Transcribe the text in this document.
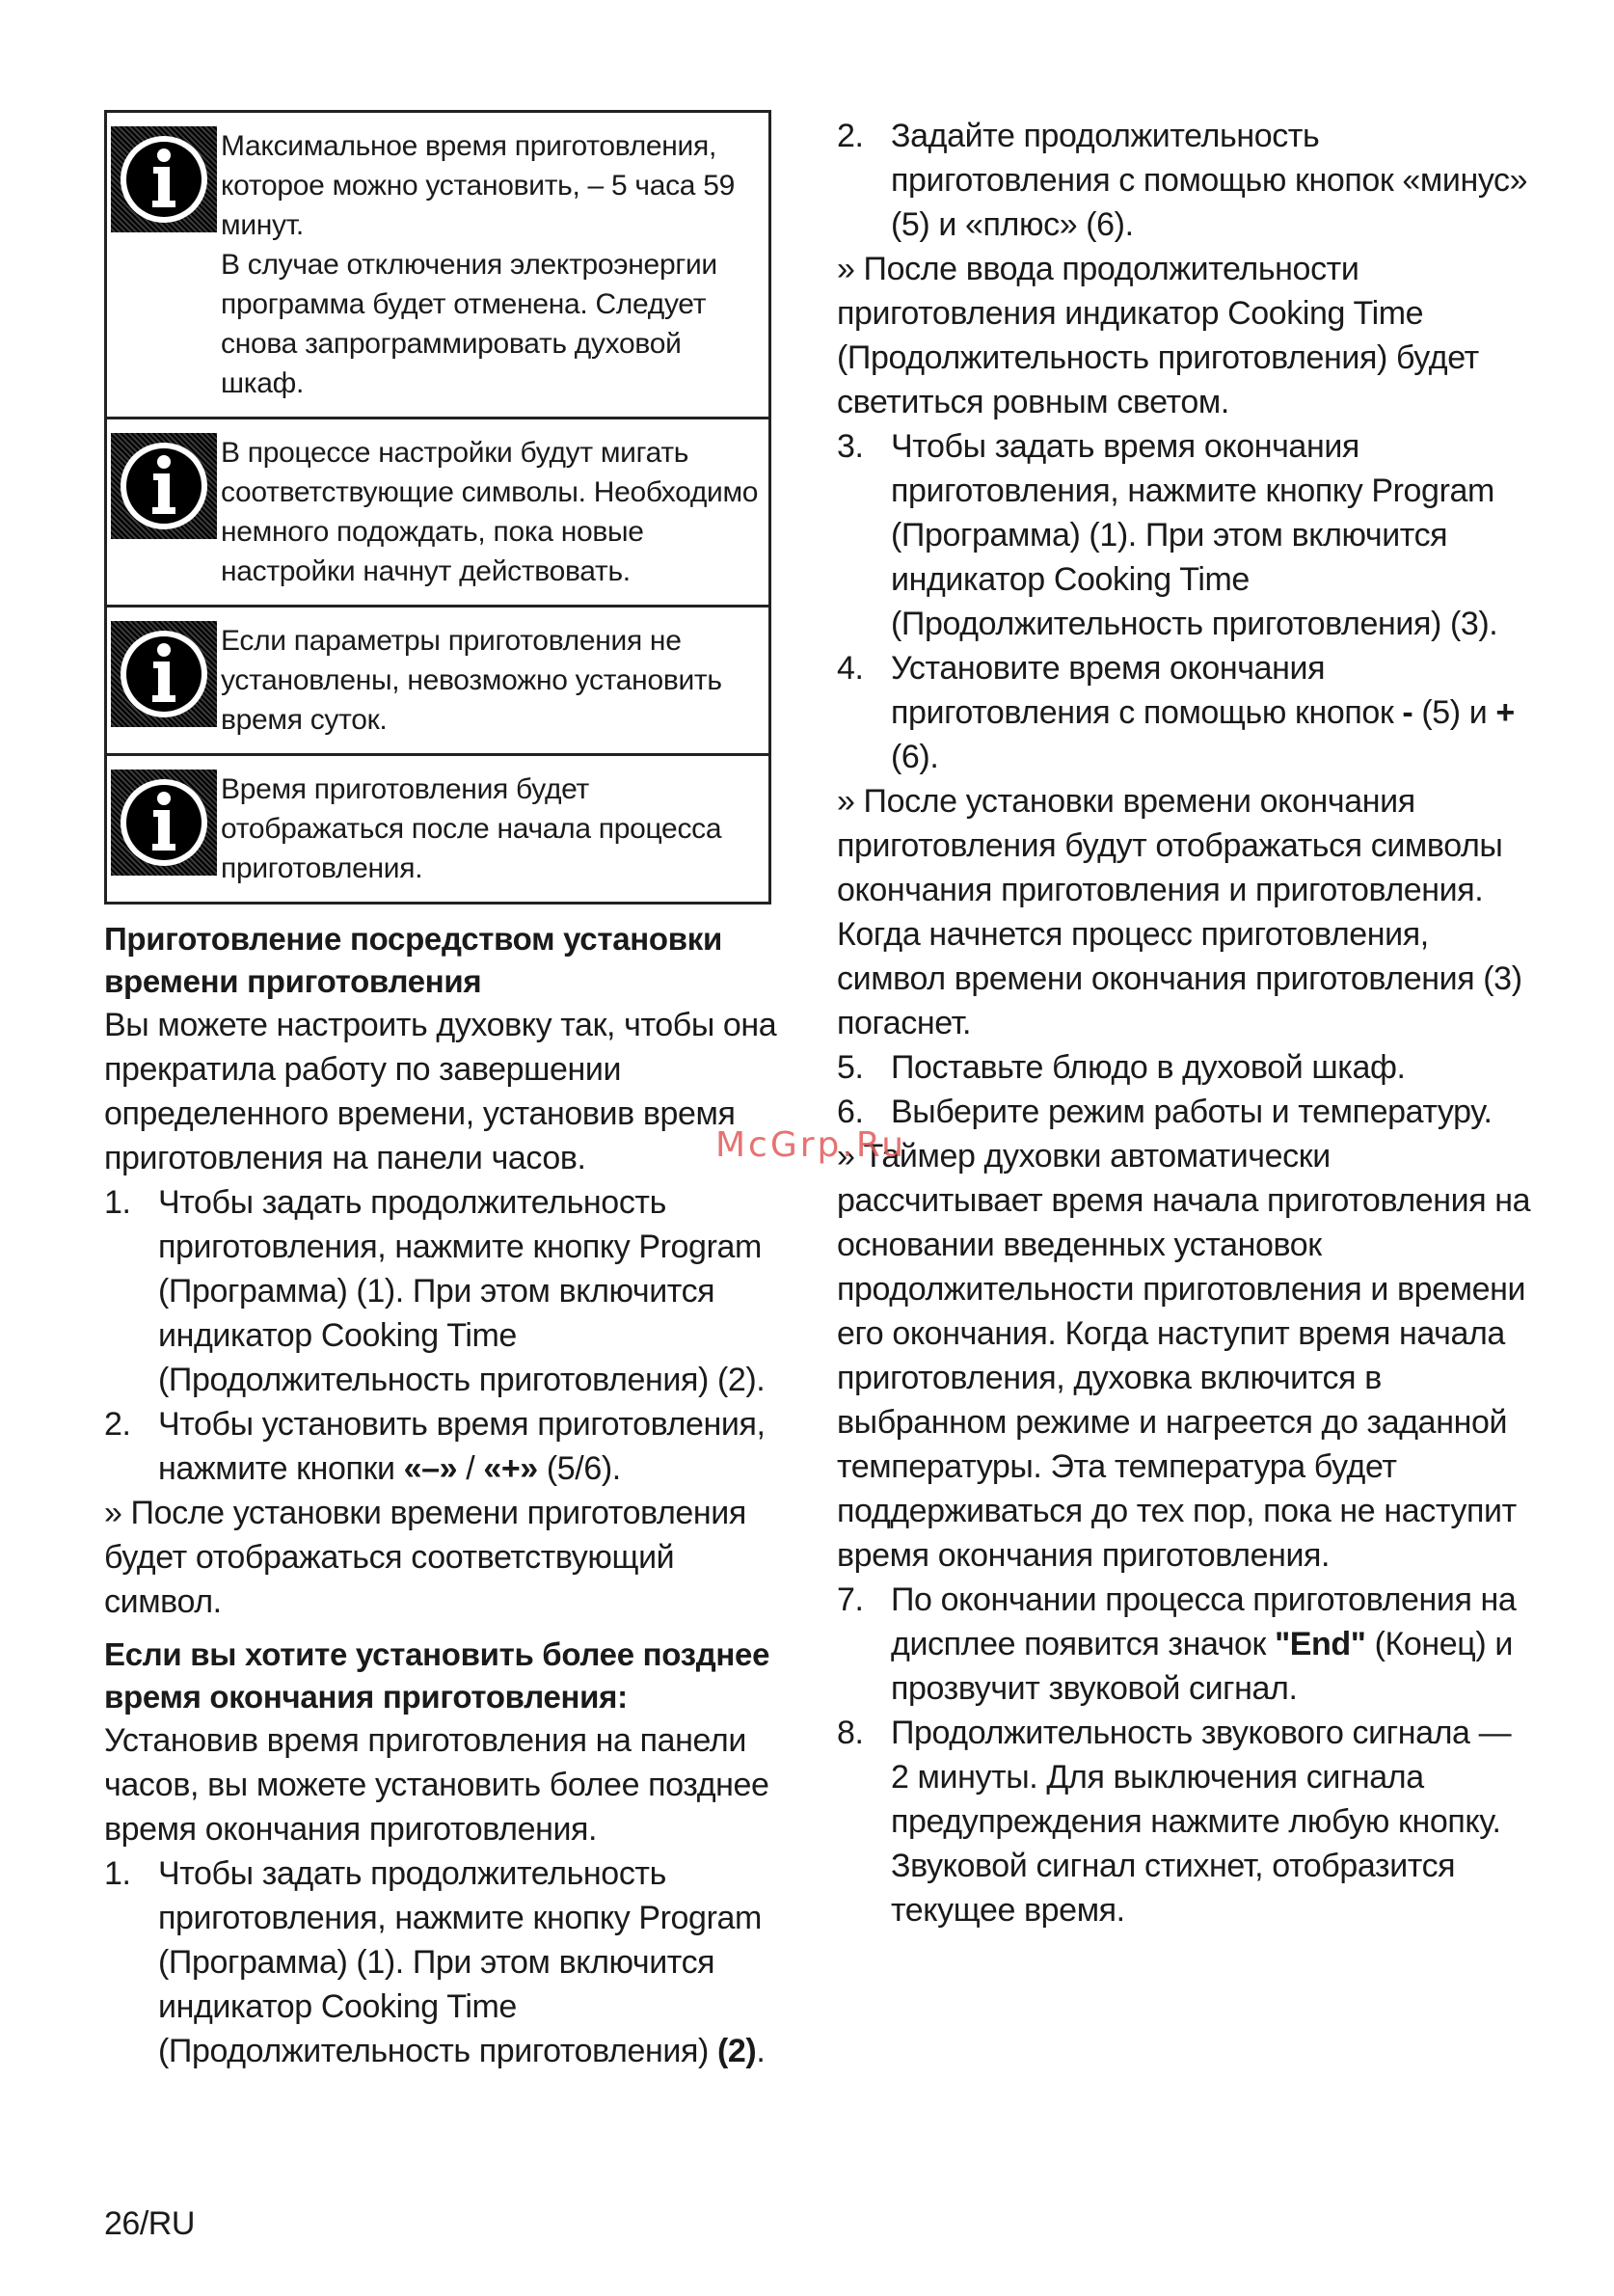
Максимальное время приготовления,
которое можно установить, – 5 часа 59
минут.
В случае отключения электроэнергии
программа будет отменена. Следует
снова запрограммировать духовой
шкаф.
В процессе настройки будут мигать
соответствующие символы. Необходимо
немного подождать, пока новые
настройки начнут действовать.
Если параметры приготовления не
установлены, невозможно установить
время суток.
Время приготовления будет
отображаться после начала процесса
приготовления.
Приготовление посредством установки времени приготовления
Вы можете настроить духовку так, чтобы она прекратила работу по завершении определенного времени, установив время приготовления на панели часов.
1. Чтобы задать продолжительность приготовления, нажмите кнопку Program (Программа) (1). При этом включится индикатор Cooking Time (Продолжительность приготовления) (2).
2. Чтобы установить время приготовления, нажмите кнопки «–» / «+» (5/6).
» После установки времени приготовления будет отображаться соответствующий символ.
Если вы хотите установить более позднее время окончания приготовления:
Установив время приготовления на панели часов, вы можете установить более позднее время окончания приготовления.
1. Чтобы задать продолжительность приготовления, нажмите кнопку Program (Программа) (1). При этом включится индикатор Cooking Time (Продолжительность приготовления) (2).
2. Задайте продолжительность приготовления с помощью кнопок «минус» (5) и «плюс» (6).
» После ввода продолжительности приготовления индикатор Cooking Time (Продолжительность приготовления) будет светиться ровным светом.
3. Чтобы задать время окончания приготовления, нажмите кнопку Program (Программа) (1). При этом включится индикатор Cooking Time (Продолжительность приготовления) (3).
4. Установите время окончания приготовления с помощью кнопок - (5) и + (6).
» После установки времени окончания приготовления будут отображаться символы окончания приготовления и приготовления. Когда начнется процесс приготовления, символ времени окончания приготовления (3) погаснет.
5. Поставьте блюдо в духовой шкаф.
6. Выберите режим работы и температуру.
» Таймер духовки автоматически рассчитывает время начала приготовления на основании введенных установок продолжительности приготовления и времени его окончания. Когда наступит время начала приготовления, духовка включится в выбранном режиме и нагреется до заданной температуры. Эта температура будет поддерживаться до тех пор, пока не наступит время окончания приготовления.
7. По окончании процесса приготовления на дисплее появится значок "End" (Конец) и прозвучит звуковой сигнал.
8. Продолжительность звукового сигнала — 2 минуты. Для выключения сигнала предупреждения нажмите любую кнопку. Звуковой сигнал стихнет, отобразится текущее время.
McGrp.Ru
26/RU
